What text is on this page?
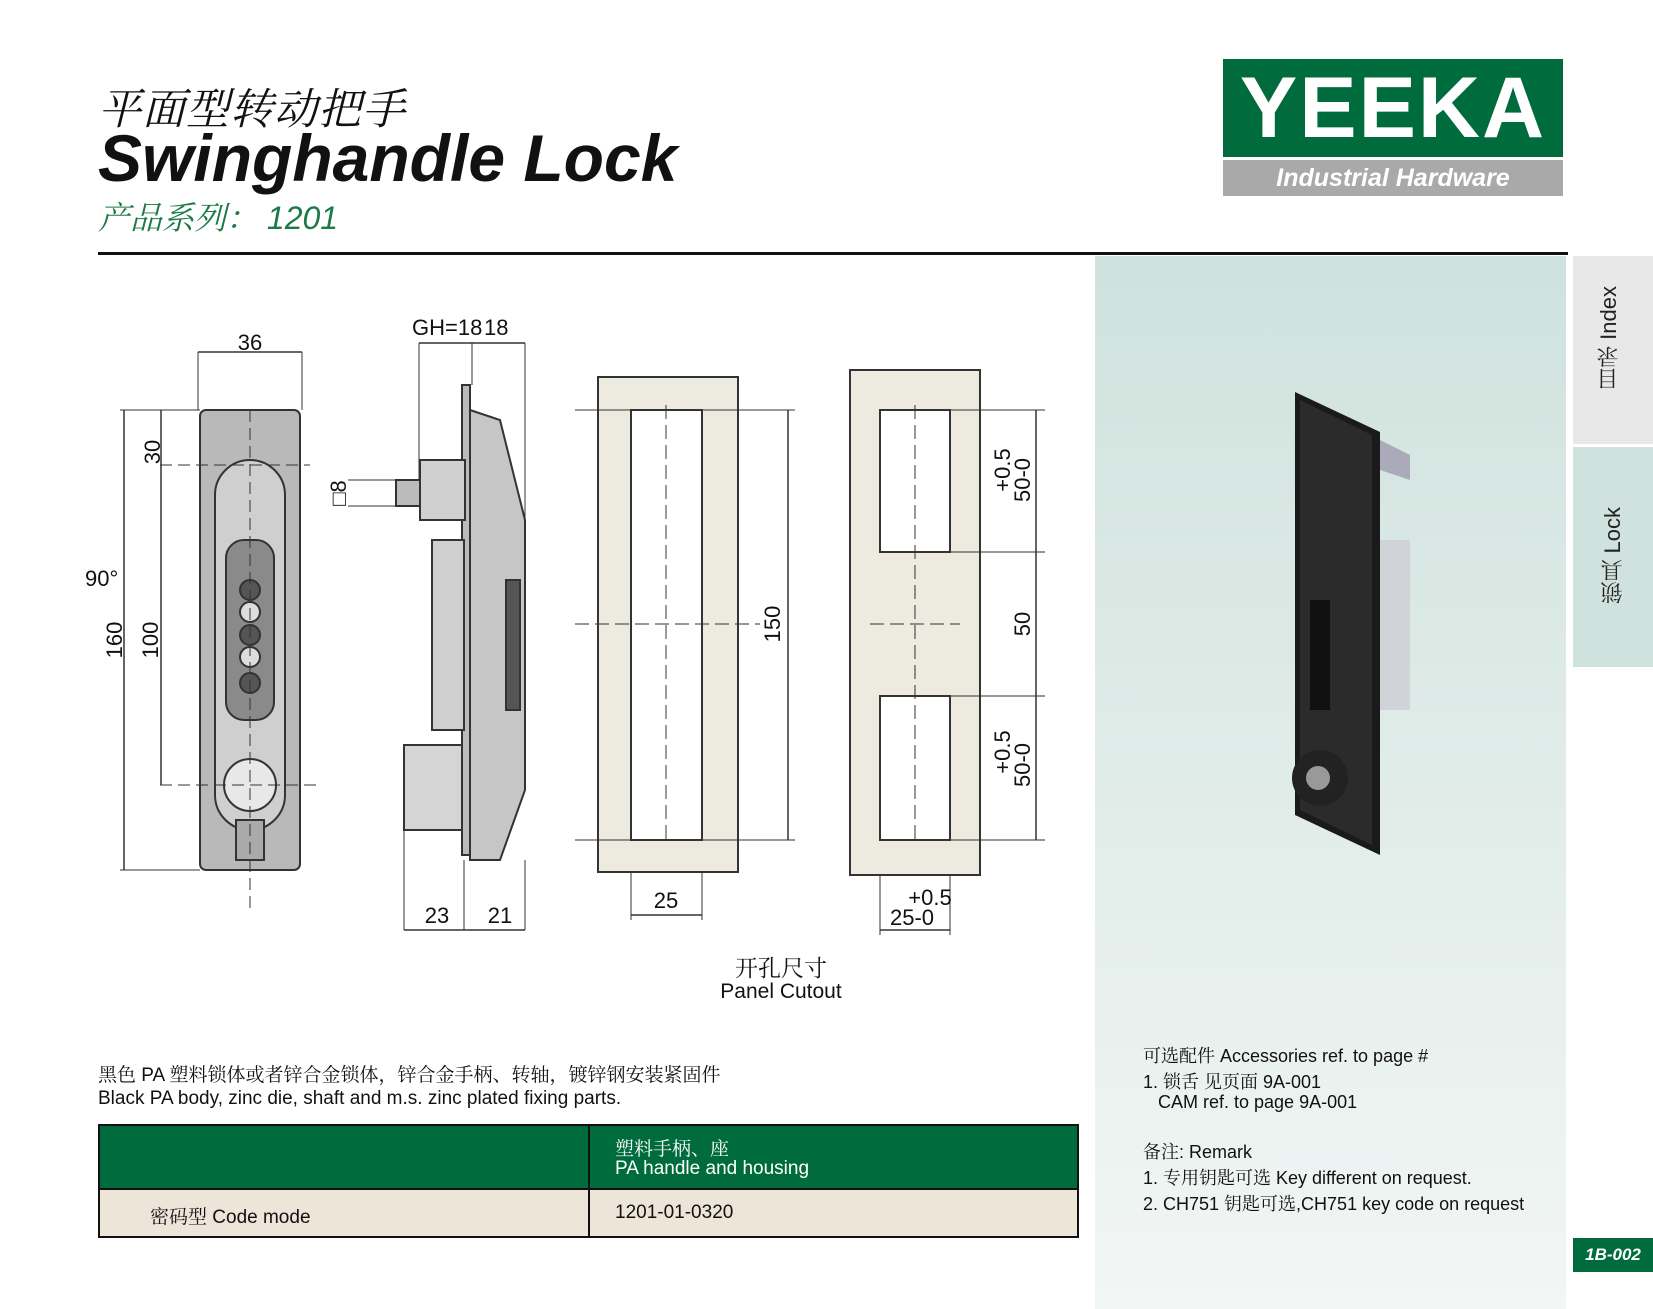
平面型转动把手
Swinghandle Lock
产品系列： 1201
YEEKA
Industrial Hardware
目录 Index
锁具 Lock
1B-002
36
30
100
160
90°
GH=18 18
□8
23 21
25
150
+0.5
50-0
50
+0.5
50-0
+0.5
25-0
开孔尺寸
Panel Cutout
黑色 PA 塑料锁体或者锌合金锁体，锌合金手柄、转轴，镀锌钢安装紧固件
Black PA body, zinc die, shaft and m.s. zinc plated fixing parts.
塑料手柄、座
PA handle and housing
密码型 Code mode	1201-01-0320
可选配件 Accessories ref. to page #
1. 锁舌 见页面 9A-001
CAM ref. to page 9A-001
备注: Remark
1. 专用钥匙可选 Key different on request.
2. CH751 钥匙可选,CH751 key code on request
